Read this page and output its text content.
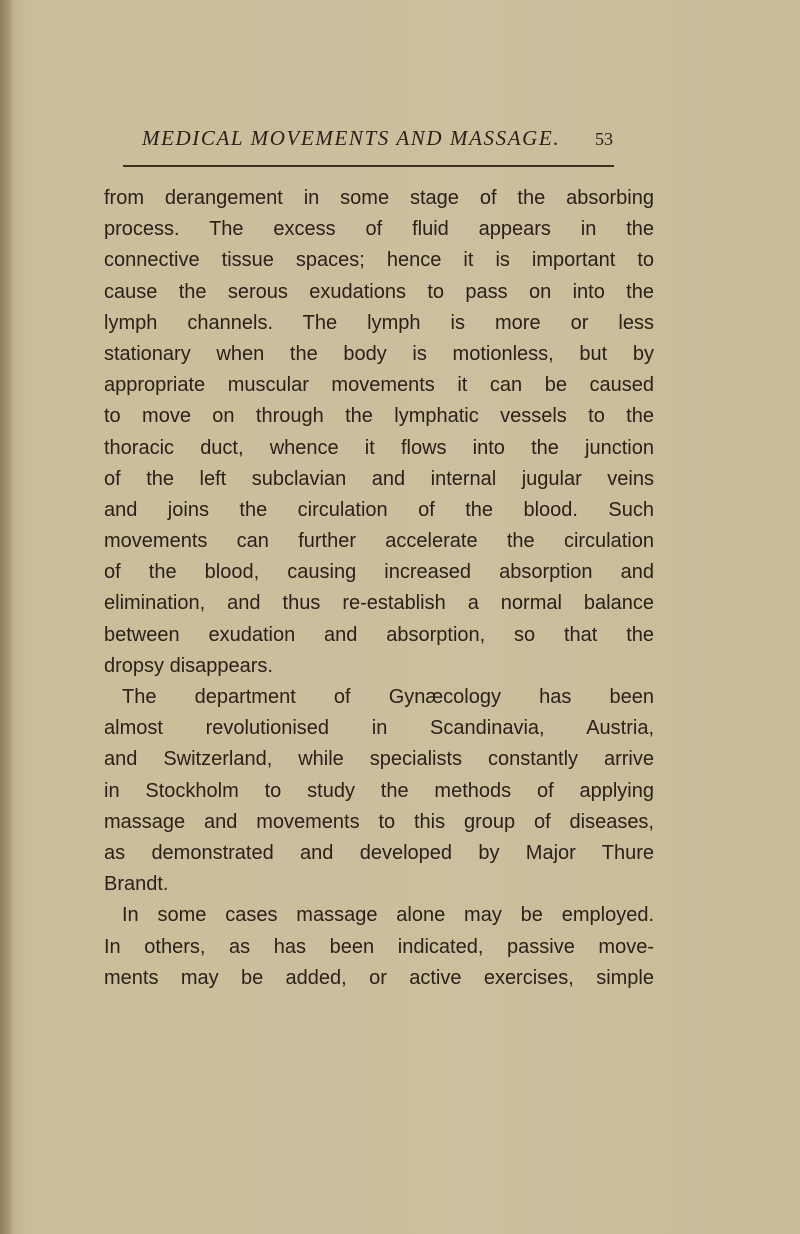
MEDICAL MOVEMENTS AND MASSAGE. 53
from derangement in some stage of the absorbing
process. The excess of fluid appears in the
connective tissue spaces; hence it is important to
cause the serous exudations to pass on into the
lymph channels. The lymph is more or less
stationary when the body is motionless, but by
appropriate muscular movements it can be caused
to move on through the lymphatic vessels to the
thoracic duct, whence it flows into the junction
of the left subclavian and internal jugular veins
and joins the circulation of the blood. Such
movements can further accelerate the circulation
of the blood, causing increased absorption and
elimination, and thus re-establish a normal balance
between exudation and absorption, so that the
dropsy disappears.
The department of Gynæcology has been
almost revolutionised in Scandinavia, Austria,
and Switzerland, while specialists constantly arrive
in Stockholm to study the methods of applying
massage and movements to this group of diseases,
as demonstrated and developed by Major Thure
Brandt.
In some cases massage alone may be employed.
In others, as has been indicated, passive move-
ments may be added, or active exercises, simple
